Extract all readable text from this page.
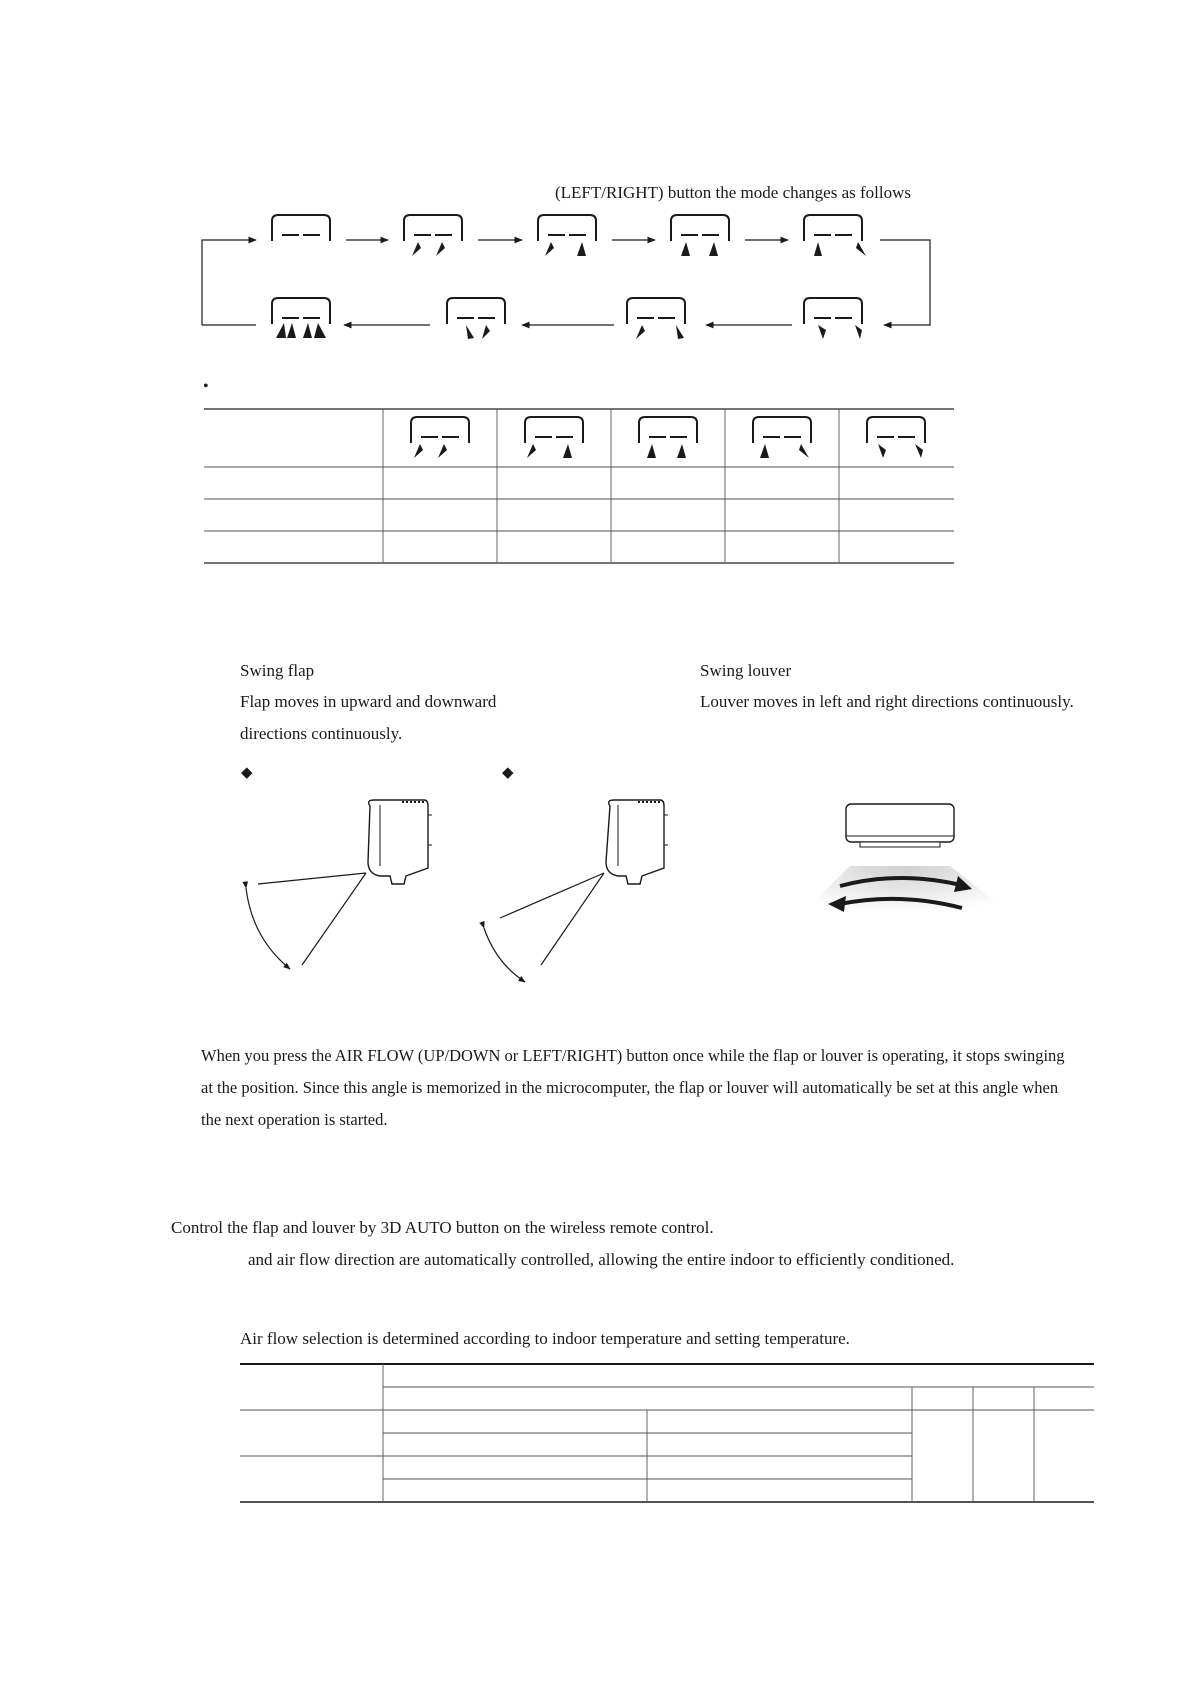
(LEFT/RIGHT) button the mode changes as follows
•
Swing flap
Flap moves in upward and downward
directions continuously.
Swing louver
Louver moves in left and right directions continuously.
◆	◆
When you press the AIR FLOW (UP/DOWN or LEFT/RIGHT) button once while the flap or louver is operating, it stops swinging
at the position. Since this angle is memorized in the microcomputer, the flap or louver will automatically be set at this angle when
the next operation is started.
Control the flap and louver by 3D AUTO button on the wireless remote control.
and air flow direction are automatically controlled, allowing the entire indoor to efficiently conditioned.
Air flow selection is determined according to indoor temperature and setting temperature.
